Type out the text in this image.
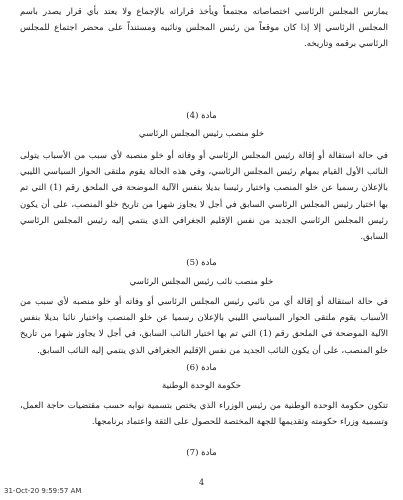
يمارس المجلس الرئاسي اختصاصاته مجتمعاً ويأخذ قراراته بالإجماع ولا يعتد بأي قرار يصدر باسم المجلس الرئاسي إلا إذا كان موقعاً من رئيس المجلس ونائبيه ومستنداً على محضر اجتماع للمجلس الرئاسي برقمه وتاريخه.

مادة (4)

خلو منصب رئيس المجلس الرئاسي

في حالة استقالة أو إقالة رئيس المجلس الرئاسي أو وفاته أو خلو منصبه لأي سبب من الأسباب يتولى النائب الأول القيام بمهام رئيس المجلس الرئاسي، وفي هذه الحالة يقوم ملتقى الحوار السياسي الليبي بالإعلان رسميا عن خلو المنصب واختيار رئيسا بديلا بنفس الآلية الموضحة في الملحق رقم (1) التي تم بها اختيار رئيس المجلس الرئاسي السابق في أجل لا يجاوز شهرا من تاريخ خلو المنصب، على أن يكون رئيس المجلس الرئاسي الجديد من نفس الإقليم الجغرافي الذي ينتمي إليه رئيس المجلس الرئاسي السابق.

مادة (5)

خلو منصب نائب رئيس المجلس الرئاسي

في حالة استقالة أو إقالة أي من نائبي رئيس المجلس الرئاسي أو وفاته أو خلو منصبه لأي سبب من الأسباب يقوم ملتقى الحوار السياسي الليبي بالإعلان رسميا عن خلو المنصب واختيار نائبا بديلا بنفس الآلية الموضحة في الملحق رقم (1) التي تم بها اختيار النائب السابق، في أجل لا يجاوز شهرا من تاريخ خلو المنصب، على أن يكون النائب الجديد من نفس الإقليم الجغرافي الذي ينتمي إليه النائب السابق.

مادة (6)

حكومة الوحدة الوطنية

تتكون حكومة الوحدة الوطنية من رئيس الوزراء الذي يختص بتسمية نوابه حسب مقتضيات حاجة العمل، وتسمية وزراء حكومته وتقديمها للجهة المختصة للحصول على الثقة واعتماد برنامجها.

مادة (7)

4
31-Oct-20 9:59:57 AM
